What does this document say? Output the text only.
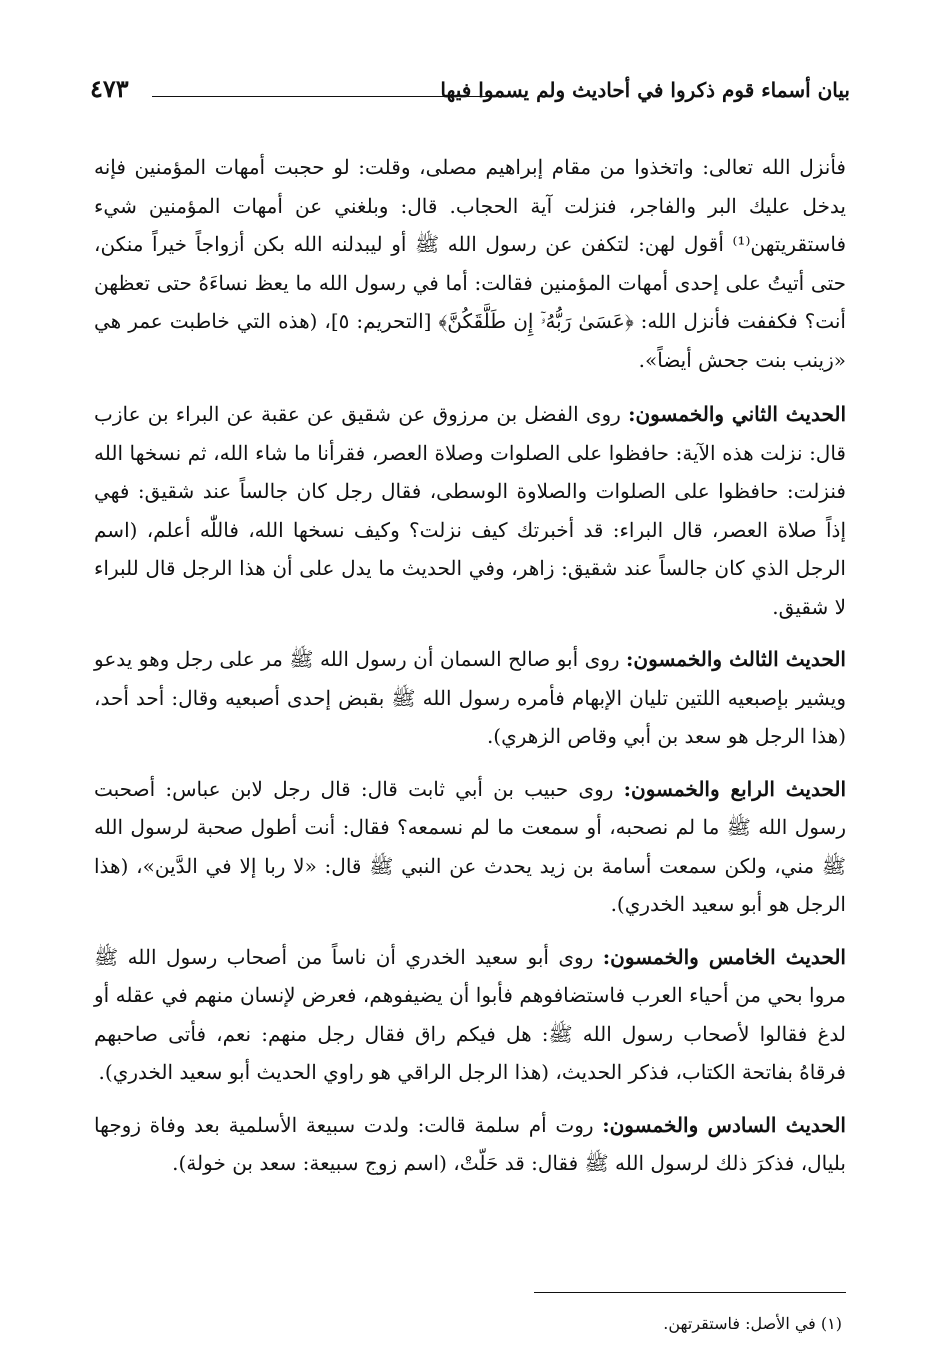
بيان أسماء قوم ذكروا في أحاديث ولم يسموا فيها
٤٧٣

فأنزل الله تعالى: واتخذوا من مقام إبراهيم مصلى، وقلت: لو حجبت أمهات المؤمنين فإنه يدخل عليك البر والفاجر، فنزلت آية الحجاب. قال: وبلغني عن أمهات المؤمنين شيء فاستقريتهن⁽¹⁾ أقول لهن: لتكفن عن رسول الله ﷺ أو ليبدلنه الله بكن أزواجاً خيراً منكن، حتى أتيتُ على إحدى أمهات المؤمنين فقالت: أما في رسول الله ما يعظ نساءَهُ حتى تعظهن أنت؟ فكففت فأنزل الله: ﴿عَسَىٰ رَبُّهُۥٓ إِن طَلَّقَكُنَّ﴾ [التحريم: ٥]، (هذه التي خاطبت عمر هي «زينب بنت جحش أيضاً».

الحديث الثاني والخمسون: روى الفضل بن مرزوق عن شقيق عن عقبة عن البراء بن عازب قال: نزلت هذه الآية: حافظوا على الصلوات وصلاة العصر، فقرأنا ما شاء الله، ثم نسخها الله فنزلت: حافظوا على الصلوات والصلاوة الوسطى، فقال رجل كان جالساً عند شقيق: فهي إذاً صلاة العصر، قال البراء: قد أخبرتك كيف نزلت؟ وكيف نسخها الله، فاللّٰه أعلم، (اسم الرجل الذي كان جالساً عند شقيق: زاهر، وفي الحديث ما يدل على أن هذا الرجل قال للبراء لا شقيق.

الحديث الثالث والخمسون: روى أبو صالح السمان أن رسول الله ﷺ مر على رجل وهو يدعو ويشير بإصبعيه اللتين تليان الإبهام فأمره رسول الله ﷺ بقبض إحدى أصبعيه وقال: أحد أحد، (هذا الرجل هو سعد بن أبي وقاص الزهري).

الحديث الرابع والخمسون: روى حبيب بن أبي ثابت قال: قال رجل لابن عباس: أصحبت رسول الله ﷺ ما لم نصحبه، أو سمعت ما لم نسمعه؟ فقال: أنت أطول صحبة لرسول الله ﷺ مني، ولكن سمعت أسامة بن زيد يحدث عن النبي ﷺ قال: «لا ربا إلا في الدَّين»، (هذا الرجل هو أبو سعيد الخدري).

الحديث الخامس والخمسون: روى أبو سعيد الخدري أن ناساً من أصحاب رسول الله ﷺ مروا بحي من أحياء العرب فاستضافوهم فأبوا أن يضيفوهم، فعرض لإنسان منهم في عقله أو لدغ فقالوا لأصحاب رسول الله ﷺ: هل فيكم راق فقال رجل منهم: نعم، فأتى صاحبهم فرقاهُ بفاتحة الكتاب، فذكر الحديث، (هذا الرجل الراقي هو راوي الحديث أبو سعيد الخدري).

الحديث السادس والخمسون: روت أم سلمة قالت: ولدت سبيعة الأسلمية بعد وفاة زوجها بليال، فذكرَ ذلك لرسول الله ﷺ فقال: قد حَلّتْ، (اسم زوج سبيعة: سعد بن خولة).

(١) في الأصل: فاستقرتهن.
